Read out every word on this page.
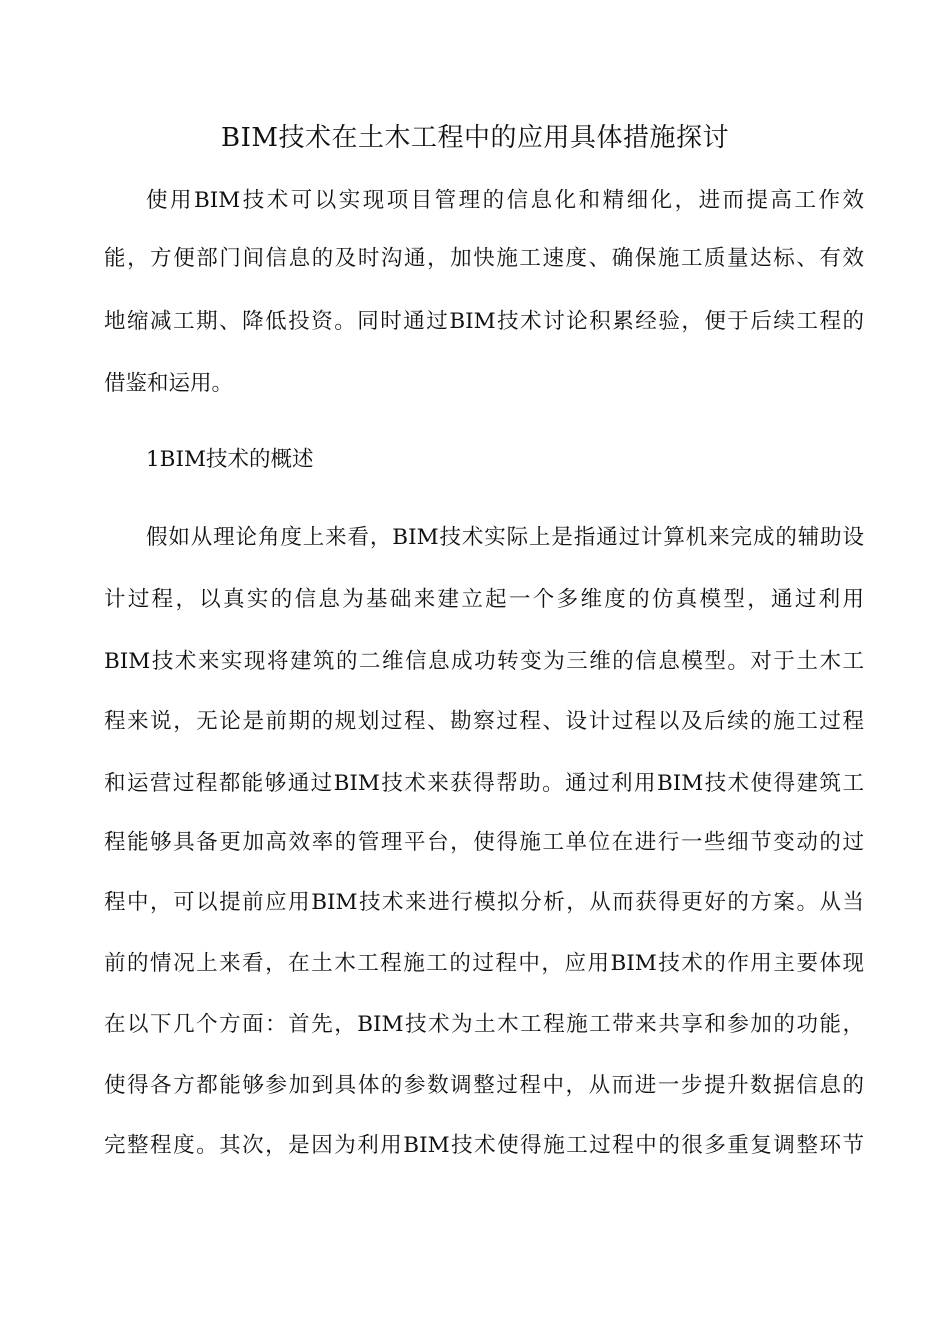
BIM技术在土木工程中的应用具体措施探讨

使用BIM技术可以实现项目管理的信息化和精细化，进而提高工作效

能，方便部门间信息的及时沟通，加快施工速度、确保施工质量达标、有效

地缩减工期、降低投资。同时通过BIM技术讨论积累经验，便于后续工程的

借鉴和运用。

1BIM技术的概述

假如从理论角度上来看，BIM技术实际上是指通过计算机来完成的辅助设

计过程，以真实的信息为基础来建立起一个多维度的仿真模型，通过利用

BIM技术来实现将建筑的二维信息成功转变为三维的信息模型。对于土木工

程来说，无论是前期的规划过程、勘察过程、设计过程以及后续的施工过程

和运营过程都能够通过BIM技术来获得帮助。通过利用BIM技术使得建筑工

程能够具备更加高效率的管理平台，使得施工单位在进行一些细节变动的过

程中，可以提前应用BIM技术来进行模拟分析，从而获得更好的方案。从当

前的情况上来看，在土木工程施工的过程中，应用BIM技术的作用主要体现

在以下几个方面：首先，BIM技术为土木工程施工带来共享和参加的功能，

使得各方都能够参加到具体的参数调整过程中，从而进一步提升数据信息的

完整程度。其次，是因为利用BIM技术使得施工过程中的很多重复调整环节
